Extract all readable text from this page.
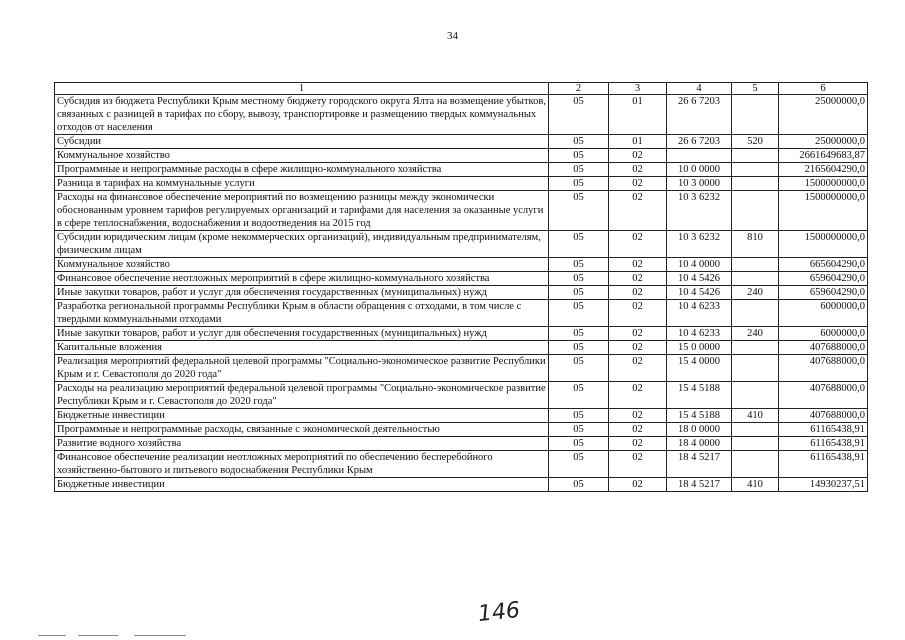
34
1	2	3	4	5	6
Субсидия из бюджета Республики Крым местному бюджету городского округа Ялта на возмещение убытков, связанных с разницей в тарифах по сбору, вывозу, транспортировке и размещению твердых коммунальных отходов от населения	05	01	26 6 7203		25000000,0
Субсидии	05	01	26 6 7203	520	25000000,0
Коммунальное хозяйство	05	02			2661649683,87
Программные и непрограммные расходы в сфере жилищно-коммунального хозяйства	05	02	10 0 0000		2165604290,0
Разница в тарифах на коммунальные услуги	05	02	10 3 0000		1500000000,0
Расходы на финансовое обеспечение мероприятий по возмещению разницы между экономически обоснованным уровнем тарифов регулируемых организаций и тарифами для населения за оказанные услуги в сфере теплоснабжения, водоснабжения и водоотведения на 2015 год	05	02	10 3 6232		1500000000,0
Субсидии юридическим лицам (кроме некоммерческих организаций), индивидуальным предпринимателям, физическим лицам	05	02	10 3 6232	810	1500000000,0
Коммунальное хозяйство	05	02	10 4 0000		665604290,0
Финансовое обеспечение неотложных мероприятий в сфере жилищно-коммунального хозяйства	05	02	10 4 5426		659604290,0
Иные закупки товаров, работ и услуг для обеспечения государственных (муниципальных) нужд	05	02	10 4 5426	240	659604290,0
Разработка региональной программы Республики Крым в области обращения с отходами, в том числе с твердыми коммунальными отходами	05	02	10 4 6233		6000000,0
Иные закупки товаров, работ и услуг для обеспечения государственных (муниципальных) нужд	05	02	10 4 6233	240	6000000,0
Капитальные вложения	05	02	15 0 0000		407688000,0
Реализация мероприятий федеральной целевой программы "Социально-экономическое развитие Республики Крым и г. Севастополя до 2020 года"	05	02	15 4 0000		407688000,0
Расходы на реализацию мероприятий федеральной целевой программы "Социально-экономическое развитие Республики Крым и г. Севастополя до 2020 года"	05	02	15 4 5188		407688000,0
Бюджетные инвестиции	05	02	15 4 5188	410	407688000,0
Программные и непрограммные расходы, связанные с экономической деятельностью	05	02	18 0 0000		61165438,91
Развитие водного хозяйства	05	02	18 4 0000		61165438,91
Финансовое обеспечение реализации неотложных мероприятий по обеспечению бесперебойного хозяйственно-бытового и питьевого водоснабжения Республики Крым	05	02	18 4 5217		61165438,91
Бюджетные инвестиции	05	02	18 4 5217	410	14930237,51
146
